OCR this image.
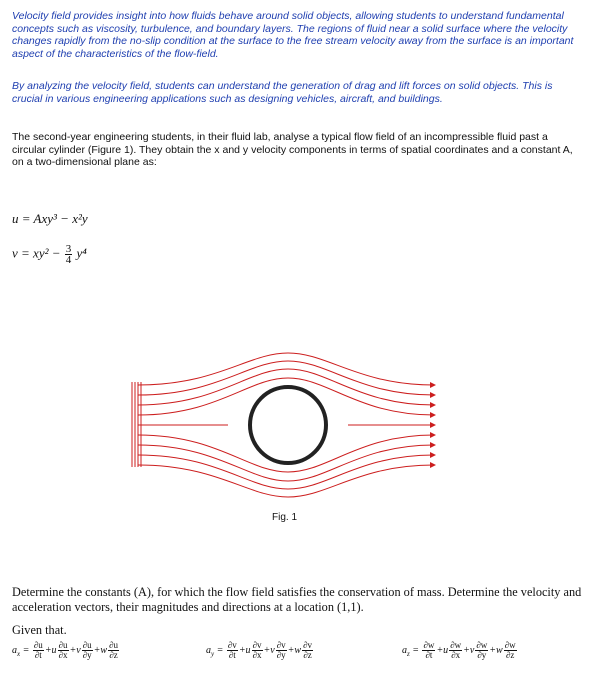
Velocity field provides insight into how fluids behave around solid objects, allowing students to understand fundamental concepts such as viscosity, turbulence, and boundary layers. The regions of fluid near a solid surface where the velocity changes rapidly from the no-slip condition at the surface to the free stream velocity away from the surface is an important aspect of the characteristics of the flow-field.

By analyzing the velocity field, students can understand the generation of drag and lift forces on solid objects. This is crucial in various engineering applications such as designing vehicles, aircraft, and buildings.

The second-year engineering students, in their fluid lab, analyse a typical flow field of an incompressible fluid past a circular cylinder (Figure 1). They obtain the x and y velocity components in terms of spatial coordinates and a constant A, on a two-dimensional plane as:

u = Axy³ − x²y
$v = xy^2 - \frac{3}{4} y^4$
Fig. 1

Determine the constants (A), for which the flow field satisfies the conservation of mass. Determine the velocity and acceleration vectors, their magnitudes and directions at a location (1,1).

Given that.

$a_x = \frac{\partial u}{\partial t} +u \frac{\partial u}{\partial x} +v \frac{\partial u}{\partial y} +w \frac{\partial u}{\partial z}$	$a_y = \frac{\partial v}{\partial t} +u \frac{\partial v}{\partial x} +v \frac{\partial v}{\partial y} +w \frac{\partial v}{\partial z}$	$a_z = \frac{\partial w}{\partial t} +u \frac{\partial w}{\partial x} +v \frac{\partial w}{\partial y} +w \frac{\partial w}{\partial z}$
